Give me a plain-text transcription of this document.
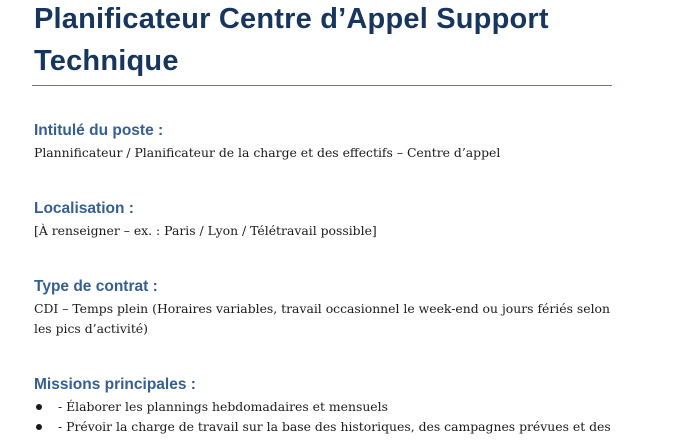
Planificateur Centre d’Appel Support
Technique
Intitulé du poste :

Plannificateur / Planificateur de la charge et des effectifs – Centre d’appel

Localisation :

[À renseigner – ex. : Paris / Lyon / Télétravail possible]

Type de contrat :

CDI – Temps plein (Horaires variables, travail occasionnel le week-end ou jours fériés selon
les pics d’activité)

Missions principales :
- Élaborer les plannings hebdomadaires et mensuels
- Prévoir la charge de travail sur la base des historiques, des campagnes prévues et des
